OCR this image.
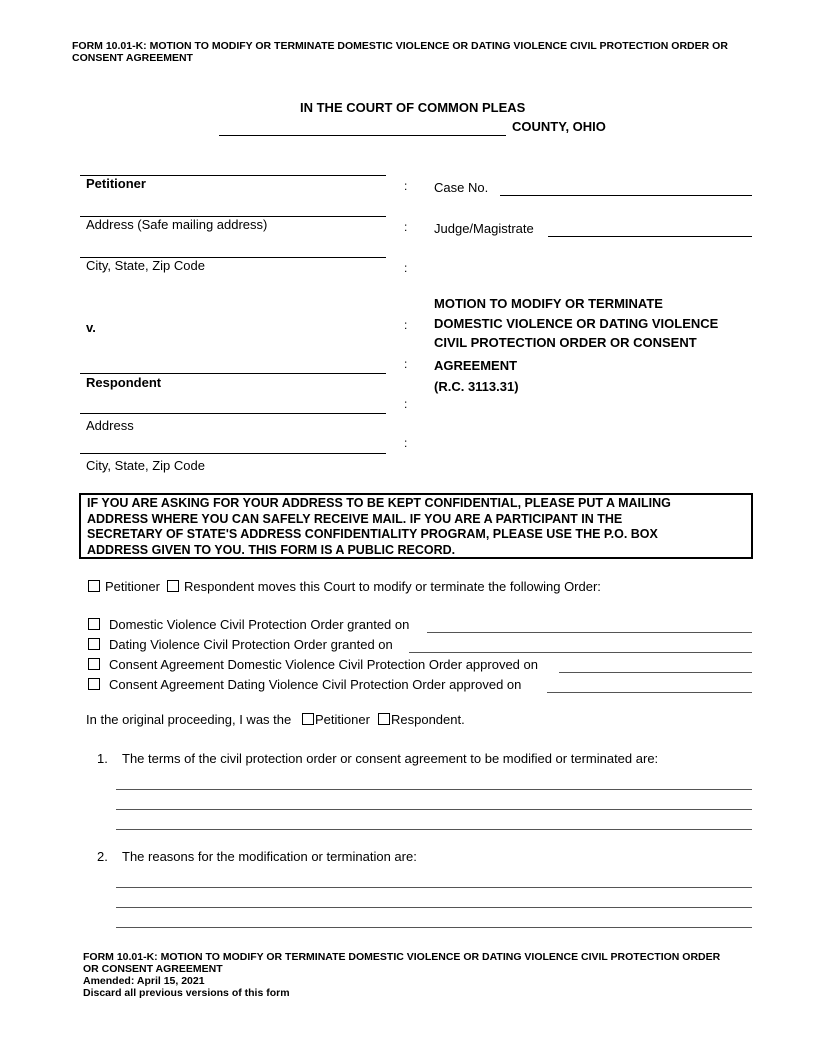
FORM 10.01-K: MOTION TO MODIFY OR TERMINATE DOMESTIC VIOLENCE OR DATING VIOLENCE CIVIL PROTECTION ORDER OR
CONSENT AGREEMENT
IN THE COURT OF COMMON PLEAS
COUNTY, OHIO
Petitioner
Address (Safe mailing address)
City, State, Zip Code
v.
Respondent
Address
City, State, Zip Code
:
:
:
:
:
:
:
Case No.
Judge/Magistrate
MOTION TO MODIFY OR TERMINATE
DOMESTIC VIOLENCE OR DATING VIOLENCE
CIVIL PROTECTION ORDER OR CONSENT
AGREEMENT
(R.C. 3113.31)
IF YOU ARE ASKING FOR YOUR ADDRESS TO BE KEPT CONFIDENTIAL, PLEASE PUT A MAILING
ADDRESS WHERE YOU CAN SAFELY RECEIVE MAIL. IF YOU ARE A PARTICIPANT IN THE
SECRETARY OF STATE'S ADDRESS CONFIDENTIALITY PROGRAM, PLEASE USE THE P.O. BOX
ADDRESS GIVEN TO YOU. THIS FORM IS A PUBLIC RECORD.
Petitioner Respondent moves this Court to modify or terminate the following Order:
Domestic Violence Civil Protection Order granted on
Dating Violence Civil Protection Order granted on
Consent Agreement Domestic Violence Civil Protection Order approved on
Consent Agreement Dating Violence Civil Protection Order approved on
In the original proceeding, I was the Petitioner Respondent.
1. The terms of the civil protection order or consent agreement to be modified or terminated are:
2. The reasons for the modification or termination are:
FORM 10.01-K: MOTION TO MODIFY OR TERMINATE DOMESTIC VIOLENCE OR DATING VIOLENCE CIVIL PROTECTION ORDER
OR CONSENT AGREEMENT
Amended: April 15, 2021
Discard all previous versions of this form
